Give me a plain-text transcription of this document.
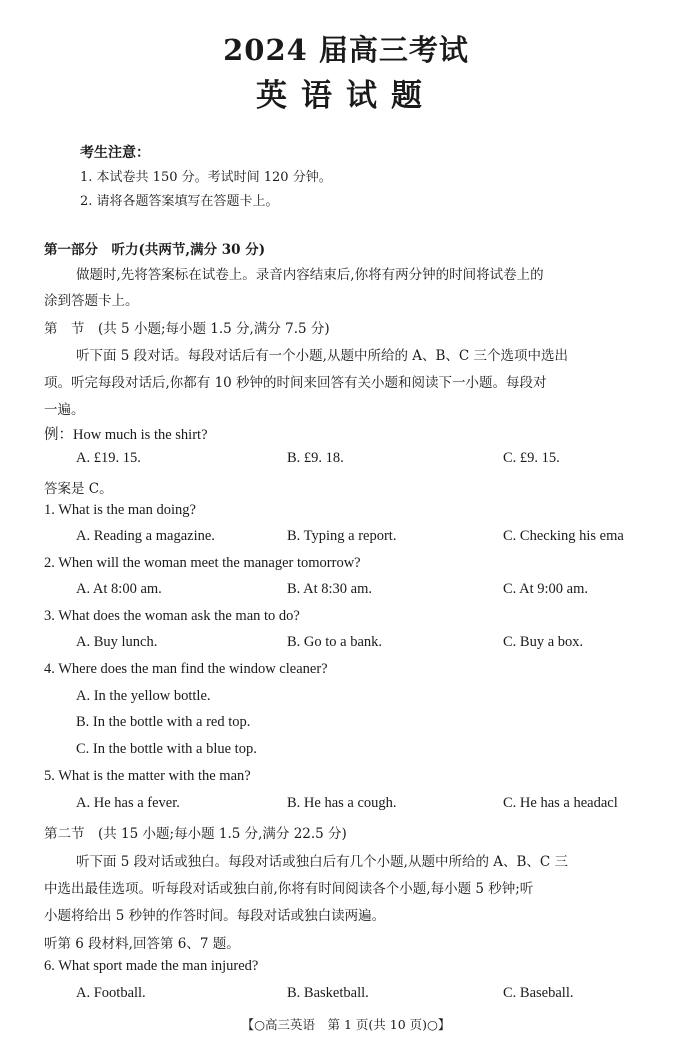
2024 届高三考试
英语试题
考生注意：
1. 本试卷共 150 分。考试时间 120 分钟。
2. 请将各题答案填写在答题卡上。
第一部分　听力(共两节,满分 30 分)
做题时,先将答案标在试卷上。录音内容结束后,你将有两分钟的时间将试卷上的
涂到答题卡上。
第　节　(共 5 小题;每小题 1.5 分,满分 7.5 分)
听下面 5 段对话。每段对话后有一个小题,从题中所给的 A、B、C 三个选项中选出
项。听完每段对话后,你都有 10 秒钟的时间来回答有关小题和阅读下一小题。每段对
一遍。
例：How much is the shirt?
A. £19. 15.	B. £9. 18.	C. £9. 15.
答案是 C。
1. What is the man doing?
A. Reading a magazine.	B. Typing a report.	C. Checking his ema
2. When will the woman meet the manager tomorrow?
A. At 8:00 am.	B. At 8:30 am.	C. At 9:00 am.
3. What does the woman ask the man to do?
A. Buy lunch.	B. Go to a bank.	C. Buy a box.
4. Where does the man find the window cleaner?
A. In the yellow bottle.
B. In the bottle with a red top.
C. In the bottle with a blue top.
5. What is the matter with the man?
A. He has a fever.	B. He has a cough.	C. He has a headacl
第二节　(共 15 小题;每小题 1.5 分,满分 22.5 分)
听下面 5 段对话或独白。每段对话或独白后有几个小题,从题中所给的 A、B、C 三
中选出最佳选项。听每段对话或独白前,你将有时间阅读各个小题,每小题 5 秒钟;听
小题将给出 5 秒钟的作答时间。每段对话或独白读两遍。
听第 6 段材料,回答第 6、7 题。
6. What sport made the man injured?
A. Football.	B. Basketball.	C. Baseball.
【○高三英语　第 1 页(共 10 页)○】
